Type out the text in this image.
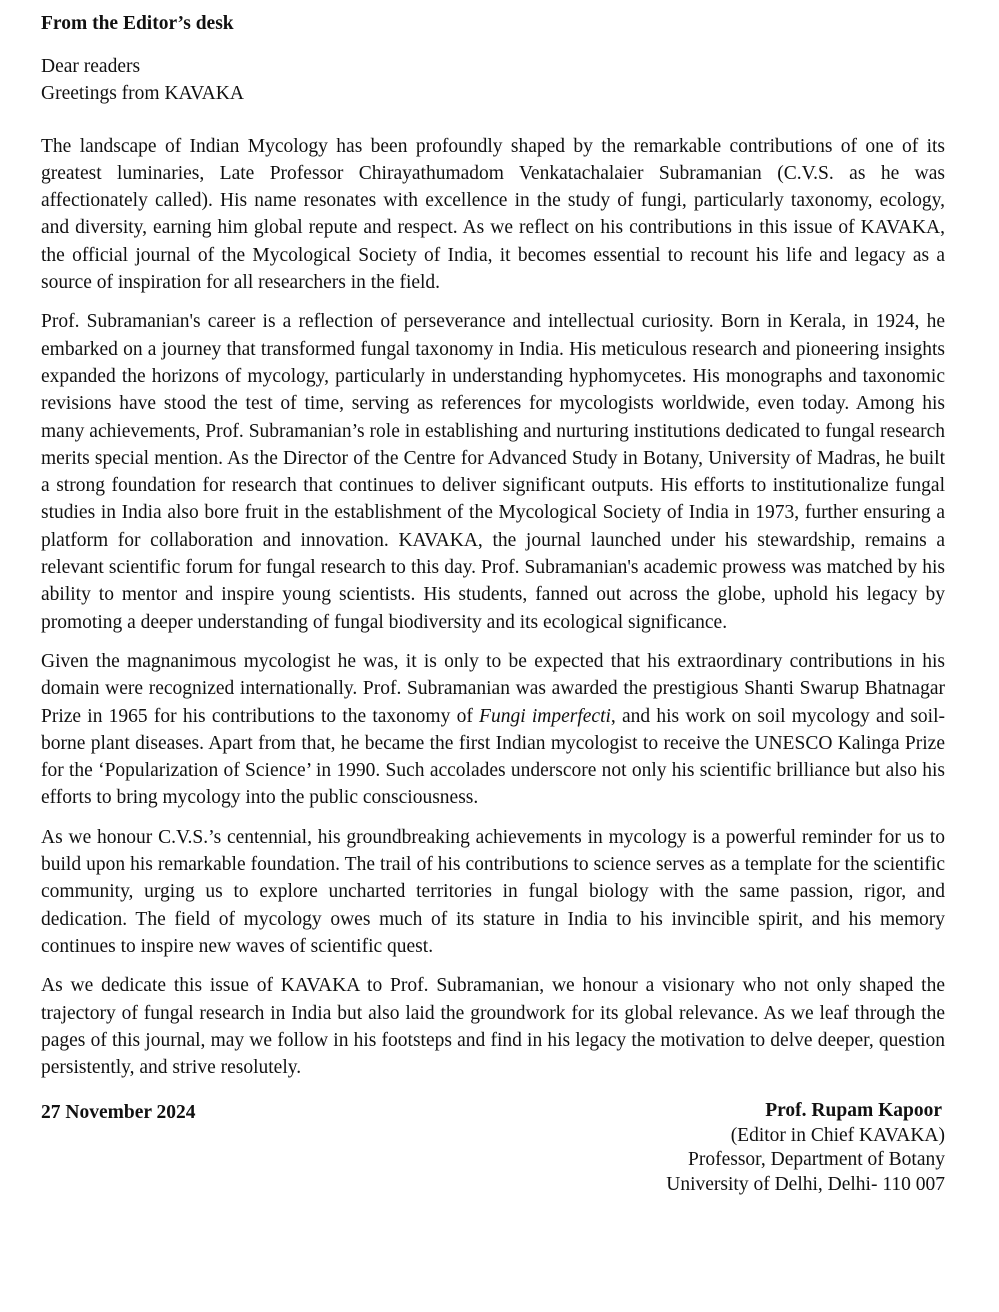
From the Editor’s desk
Dear readers
Greetings from KAVAKA

The landscape of Indian Mycology has been profoundly shaped by the remarkable contributions of one of its greatest luminaries, Late Professor Chirayathumadom Venkatachalaier Subramanian (C.V.S. as he was affectionately called). His name resonates with excellence in the study of fungi, particularly taxonomy, ecology, and diversity, earning him global repute and respect. As we reflect on his contributions in this issue of KAVAKA, the official journal of the Mycological Society of India, it becomes essential to recount his life and legacy as a source of inspiration for all researchers in the field.

Prof. Subramanian's career is a reflection of perseverance and intellectual curiosity. Born in Kerala, in 1924, he embarked on a journey that transformed fungal taxonomy in India. His meticulous research and pioneering insights expanded the horizons of mycology, particularly in understanding hyphomycetes. His monographs and taxonomic revisions have stood the test of time, serving as references for mycologists worldwide, even today. Among his many achievements, Prof. Subramanian’s role in establishing and nurturing institutions dedicated to fungal research merits special mention. As the Director of the Centre for Advanced Study in Botany, University of Madras, he built a strong foundation for research that continues to deliver significant outputs. His efforts to institutionalize fungal studies in India also bore fruit in the establishment of the Mycological Society of India in 1973, further ensuring a platform for collaboration and innovation. KAVAKA, the journal launched under his stewardship, remains a relevant scientific forum for fungal research to this day. Prof. Subramanian's academic prowess was matched by his ability to mentor and inspire young scientists. His students, fanned out across the globe, uphold his legacy by promoting a deeper understanding of fungal biodiversity and its ecological significance.

Given the magnanimous mycologist he was, it is only to be expected that his extraordinary contributions in his domain were recognized internationally. Prof. Subramanian was awarded the prestigious Shanti Swarup Bhatnagar Prize in 1965 for his contributions to the taxonomy of Fungi imperfecti, and his work on soil mycology and soil-borne plant diseases. Apart from that, he became the first Indian mycologist to receive the UNESCO Kalinga Prize for the ‘Popularization of Science’ in 1990. Such accolades underscore not only his scientific brilliance but also his efforts to bring mycology into the public consciousness.

As we honour C.V.S.’s centennial, his groundbreaking achievements in mycology is a powerful reminder for us to build upon his remarkable foundation. The trail of his contributions to science serves as a template for the scientific community, urging us to explore uncharted territories in fungal biology with the same passion, rigor, and dedication. The field of mycology owes much of its stature in India to his invincible spirit, and his memory continues to inspire new waves of scientific quest.

As we dedicate this issue of KAVAKA to Prof. Subramanian, we honour a visionary who not only shaped the trajectory of fungal research in India but also laid the groundwork for its global relevance. As we leaf through the pages of this journal, may we follow in his footsteps and find in his legacy the motivation to delve deeper, question persistently, and strive resolutely.

27 November 2024	Prof. Rupam Kapoor
(Editor in Chief KAVAKA)
Professor, Department of Botany
University of Delhi, Delhi- 110 007
